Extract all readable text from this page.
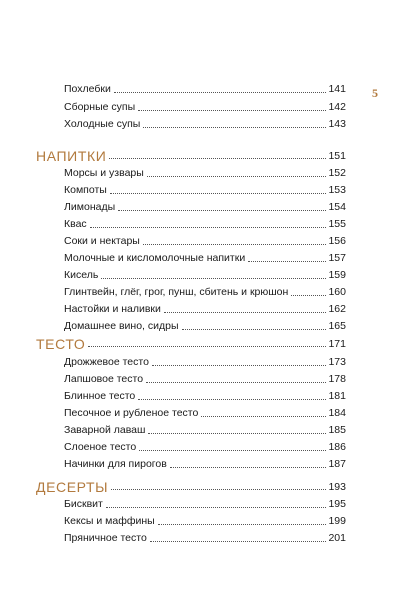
5
Похлебки	141
Сборные супы	142
Холодные супы	143
НАПИТКИ	151
Морсы и узвары	152
Компоты	153
Лимонады	154
Квас	155
Соки и нектары	156
Молочные и кисломолочные напитки	157
Кисель	159
Глинтвейн, глёг, грог, пунш, сбитень и крюшон	160
Настойки и наливки	162
Домашнее вино, сидры	165
ТЕСТО	171
Дрожжевое тесто	173
Лапшовое тесто	178
Блинное тесто	181
Песочное и рубленое тесто	184
Заварной лаваш	185
Слоеное тесто	186
Начинки для пирогов	187
ДЕСЕРТЫ	193
Бисквит	195
Кексы и маффины	199
Пряничное тесто	201
